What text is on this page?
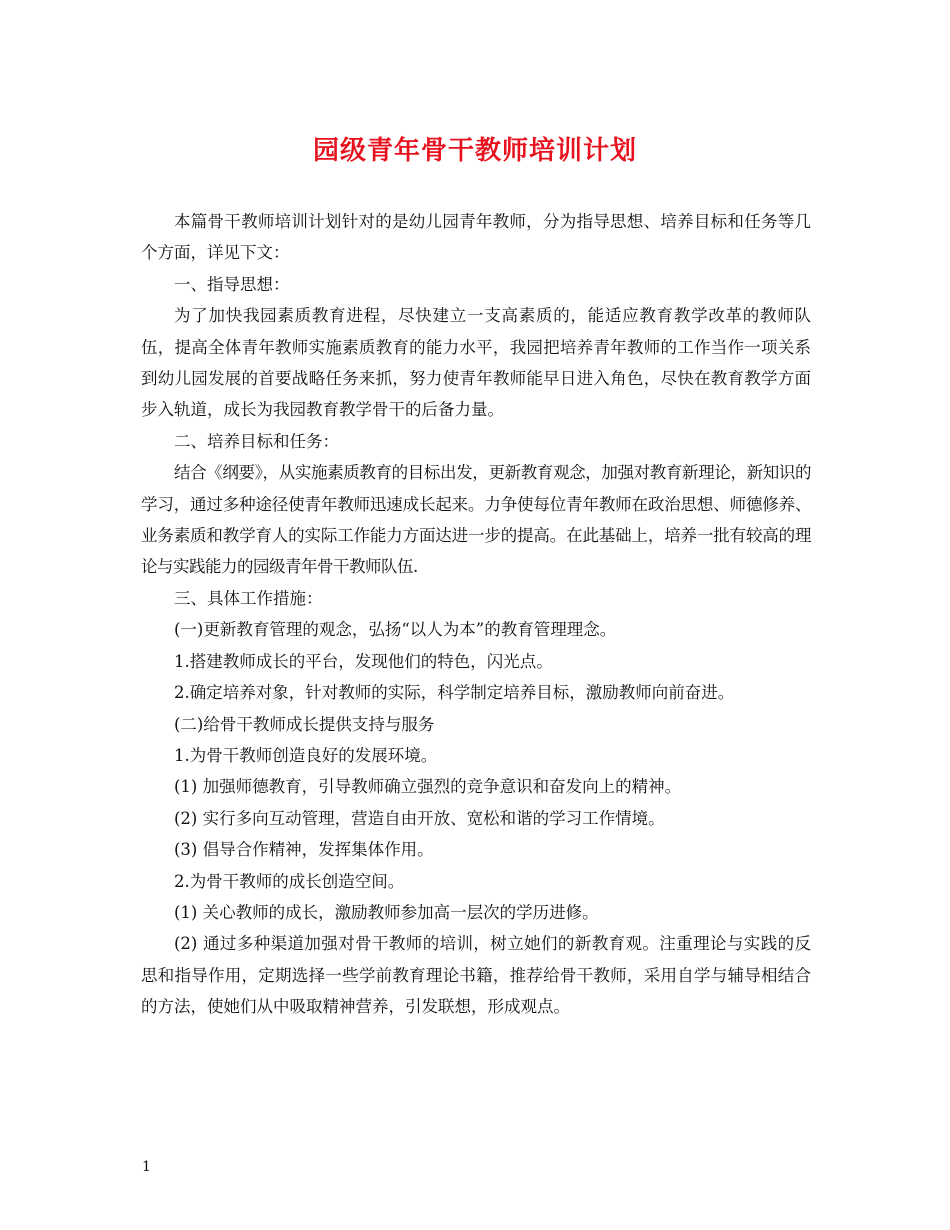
园级青年骨干教师培训计划

本篇骨干教师培训计划针对的是幼儿园青年教师，分为指导思想、培养目标和任务等几个方面，详见下文：

一、指导思想：

为了加快我园素质教育进程，尽快建立一支高素质的，能适应教育教学改革的教师队伍，提高全体青年教师实施素质教育的能力水平，我园把培养青年教师的工作当作一项关系到幼儿园发展的首要战略任务来抓，努力使青年教师能早日进入角色，尽快在教育教学方面步入轨道，成长为我园教育教学骨干的后备力量。

二、培养目标和任务：

结合《纲要》，从实施素质教育的目标出发，更新教育观念，加强对教育新理论，新知识的学习，通过多种途径使青年教师迅速成长起来。力争使每位青年教师在政治思想、师德修养、业务素质和教学育人的实际工作能力方面达进一步的提高。在此基础上，培养一批有较高的理论与实践能力的园级青年骨干教师队伍.

三、具体工作措施：

(一)更新教育管理的观念，弘扬“以人为本”的教育管理理念。

1.搭建教师成长的平台，发现他们的特色，闪光点。

2.确定培养对象，针对教师的实际，科学制定培养目标，激励教师向前奋进。

(二)给骨干教师成长提供支持与服务

1.为骨干教师创造良好的发展环境。

(1) 加强师德教育，引导教师确立强烈的竞争意识和奋发向上的精神。

(2) 实行多向互动管理，营造自由开放、宽松和谐的学习工作情境。

(3) 倡导合作精神，发挥集体作用。

2.为骨干教师的成长创造空间。

(1) 关心教师的成长，激励教师参加高一层次的学历进修。

(2) 通过多种渠道加强对骨干教师的培训，树立她们的新教育观。注重理论与实践的反思和指导作用，定期选择一些学前教育理论书籍，推荐给骨干教师，采用自学与辅导相结合的方法，使她们从中吸取精神营养，引发联想，形成观点。

1
